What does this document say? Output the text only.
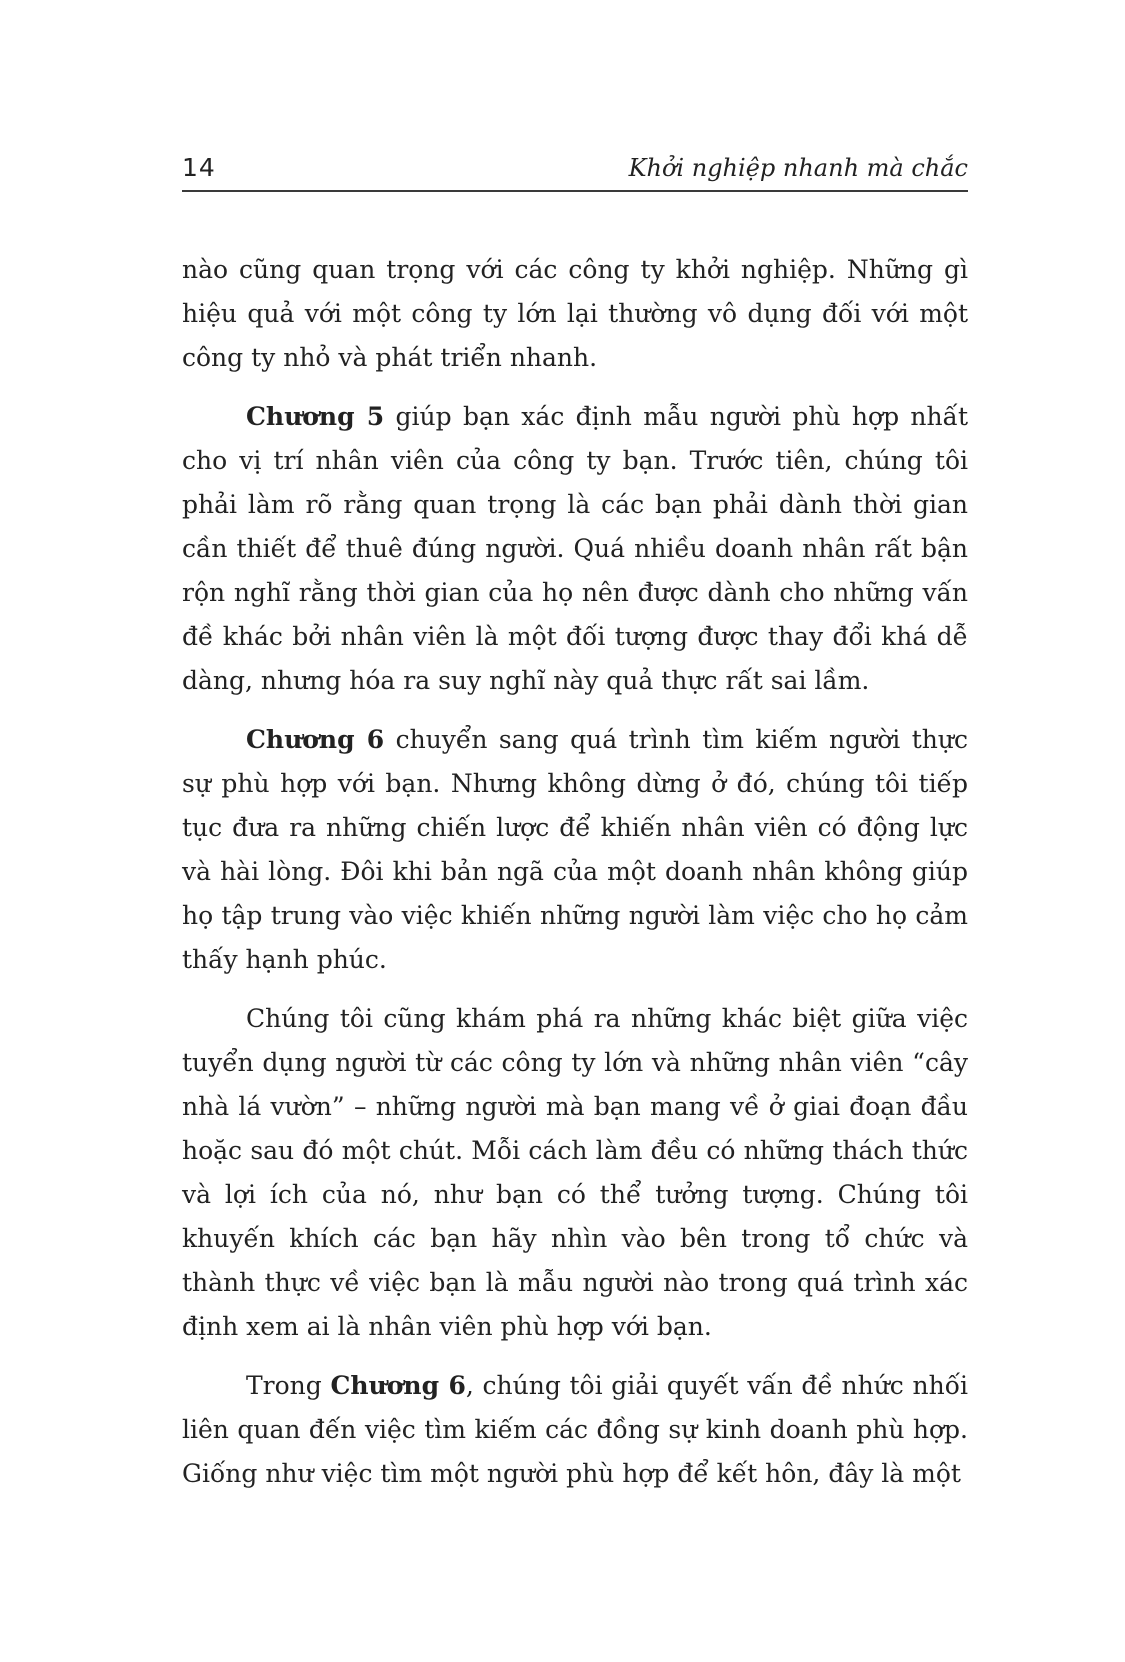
14	Khởi nghiệp nhanh mà chắc

nào cũng quan trọng với các công ty khởi nghiệp. Những gì hiệu quả với một công ty lớn lại thường vô dụng đối với một công ty nhỏ và phát triển nhanh.

Chương 5 giúp bạn xác định mẫu người phù hợp nhất cho vị trí nhân viên của công ty bạn. Trước tiên, chúng tôi phải làm rõ rằng quan trọng là các bạn phải dành thời gian cần thiết để thuê đúng người. Quá nhiều doanh nhân rất bận rộn nghĩ rằng thời gian của họ nên được dành cho những vấn đề khác bởi nhân viên là một đối tượng được thay đổi khá dễ dàng, nhưng hóa ra suy nghĩ này quả thực rất sai lầm.

Chương 6 chuyển sang quá trình tìm kiếm người thực sự phù hợp với bạn. Nhưng không dừng ở đó, chúng tôi tiếp tục đưa ra những chiến lược để khiến nhân viên có động lực và hài lòng. Đôi khi bản ngã của một doanh nhân không giúp họ tập trung vào việc khiến những người làm việc cho họ cảm thấy hạnh phúc.

Chúng tôi cũng khám phá ra những khác biệt giữa việc tuyển dụng người từ các công ty lớn và những nhân viên “cây nhà lá vườn” – những người mà bạn mang về ở giai đoạn đầu hoặc sau đó một chút. Mỗi cách làm đều có những thách thức và lợi ích của nó, như bạn có thể tưởng tượng. Chúng tôi khuyến khích các bạn hãy nhìn vào bên trong tổ chức và thành thực về việc bạn là mẫu người nào trong quá trình xác định xem ai là nhân viên phù hợp với bạn.

Trong Chương 6, chúng tôi giải quyết vấn đề nhức nhối liên quan đến việc tìm kiếm các đồng sự kinh doanh phù hợp. Giống như việc tìm một người phù hợp để kết hôn, đây là một
